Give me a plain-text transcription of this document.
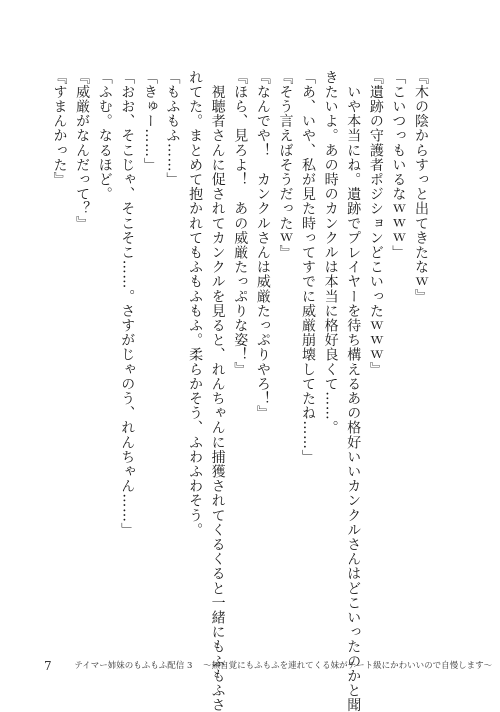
『木の陰からすっと出てきたなｗ』
「こいつっもいるなｗｗｗ」
『遺跡の守護者ポジションどこいったｗｗｗ』
　いや本当にね。遺跡でプレイヤーを待ち構えるあの格好いいカンクルさんはどこいったのかと聞
きたいよ。あの時のカンクルは本当に格好良くて……。
「あ、いや、私が見た時ってすでに威厳崩壊してたね……」
『そう言えばそうだったｗ』
『なんでや！　カンクルさんは威厳たっぷりやろ！』
『ほら、見ろよ！　あの威厳たっぷりな姿！』
　視聴者さんに促されてカンクルを見ると、れんちゃんに捕獲されてくるくると一緒にもふもふさ
れてた。まとめて抱かれてもふもふもふ。柔らかそう、ふわふわそう。
「もふもふ……」
「きゅー……」
「おお、そこじゃ、そこそこ……。さすがじゃのう、れんちゃん……」
「ふむ。なるほど。
『威厳がなんだって？』
『すまんかった』
7	テイマー姉妹のもふもふ配信 3 ～無自覚にもふもふを連れてくる妹がチート級にかわいいので自慢します～
